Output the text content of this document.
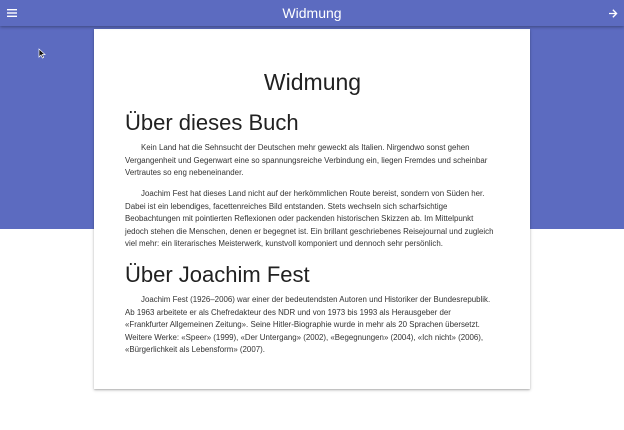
Widmung
Widmung
Über dieses Buch

Kein Land hat die Sehnsucht der Deutschen mehr geweckt als Italien. Nirgendwo sonst gehen Vergangenheit und Gegenwart eine so spannungsreiche Verbindung ein, liegen Fremdes und scheinbar Vertrautes so eng nebeneinander.

Joachim Fest hat dieses Land nicht auf der herkömmlichen Route bereist, sondern von Süden her. Dabei ist ein lebendiges, facettenreiches Bild entstanden. Stets wechseln sich scharfsichtige Beobachtungen mit pointierten Reflexionen oder packenden historischen Skizzen ab. Im Mittelpunkt jedoch stehen die Menschen, denen er begegnet ist. Ein brillant geschriebenes Reisejournal und zugleich viel mehr: ein literarisches Meisterwerk, kunstvoll komponiert und dennoch sehr persönlich.

Über Joachim Fest

Joachim Fest (1926–2006) war einer der bedeutendsten Autoren und Historiker der Bundesrepublik. Ab 1963 arbeitete er als Chefredakteur des NDR und von 1973 bis 1993 als Herausgeber der «Frankfurter Allgemeinen Zeitung». Seine Hitler-Biographie wurde in mehr als 20 Sprachen übersetzt. Weitere Werke: «Speer» (1999), «Der Untergang» (2002), «Begegnungen» (2004), «Ich nicht» (2006), «Bürgerlichkeit als Lebensform» (2007).
